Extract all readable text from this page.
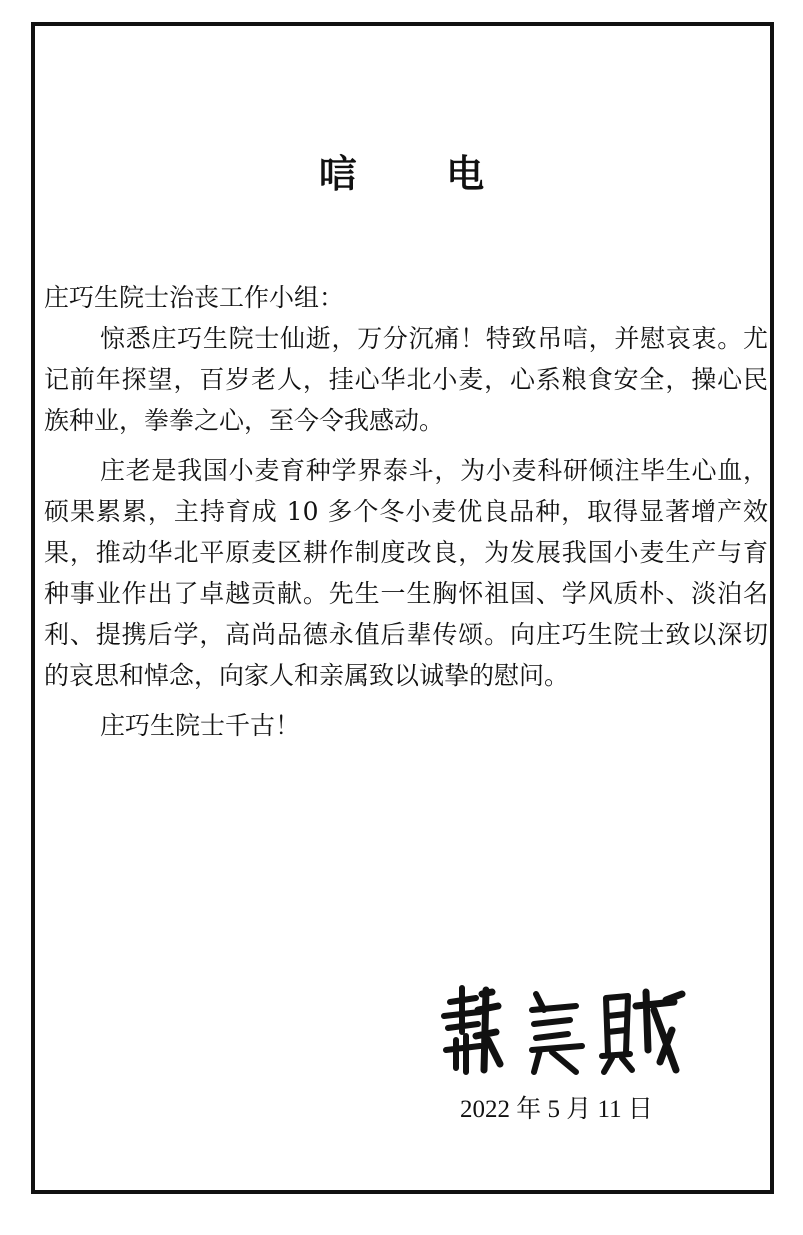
唁 电

庄巧生院士治丧工作小组：

惊悉庄巧生院士仙逝，万分沉痛！特致吊唁，并慰哀衷。尤记前年探望，百岁老人，挂心华北小麦，心系粮食安全，操心民族种业，拳拳之心，至今令我感动。

庄老是我国小麦育种学界泰斗，为小麦科研倾注毕生心血，硕果累累，主持育成 10 多个冬小麦优良品种，取得显著增产效果，推动华北平原麦区耕作制度改良，为发展我国小麦生产与育种事业作出了卓越贡献。先生一生胸怀祖国、学风质朴、淡泊名利、提携后学，高尚品德永值后辈传颂。向庄巧生院士致以深切的哀思和悼念，向家人和亲属致以诚挚的慰问。

庄巧生院士千古！

2022 年 5 月 11 日
